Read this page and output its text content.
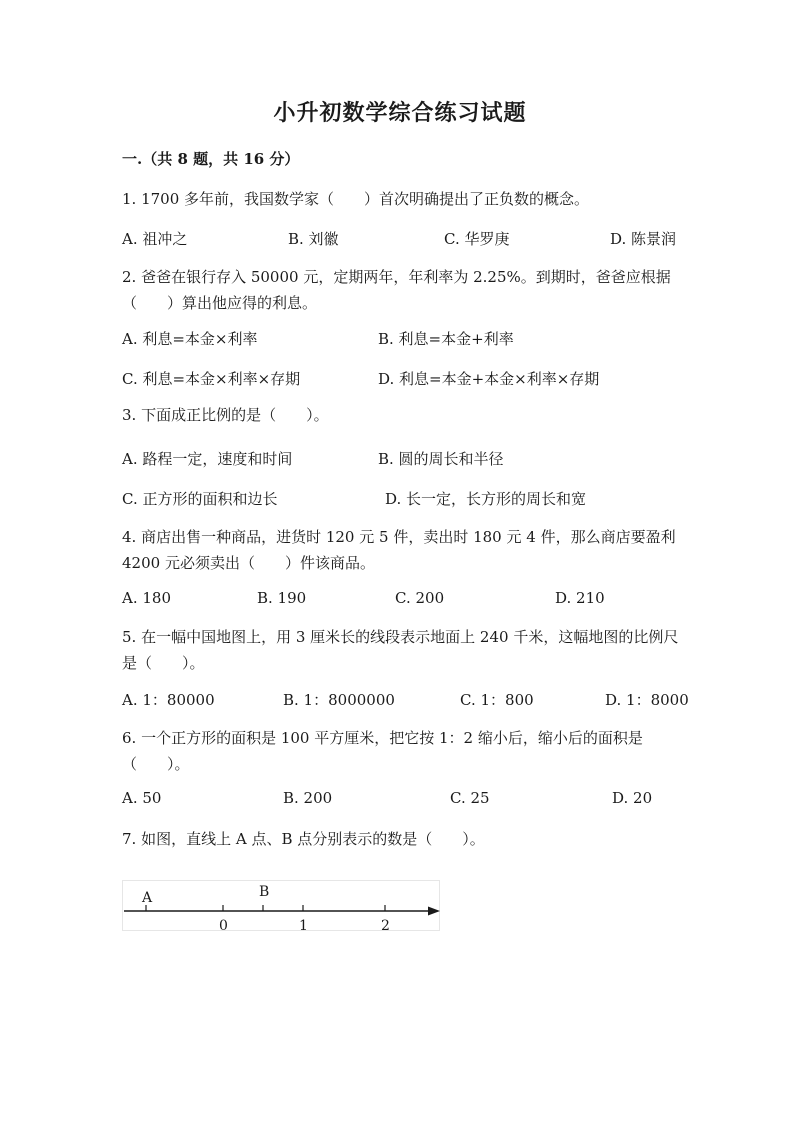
小升初数学综合练习试题
一.（共 8 题，共 16 分）
1. 1700 多年前，我国数学家（　　）首次明确提出了正负数的概念。
A. 祖冲之	B. 刘徽	C. 华罗庚	D. 陈景润
2. 爸爸在银行存入 50000 元，定期两年，年利率为 2.25%。到期时，爸爸应根据（　　）算出他应得的利息。
A. 利息=本金×利率	B. 利息=本金+利率
C. 利息=本金×利率×存期	D. 利息=本金+本金×利率×存期
3. 下面成正比例的是（　　）。
A. 路程一定，速度和时间	B. 圆的周长和半径
C. 正方形的面积和边长	D. 长一定，长方形的周长和宽
4. 商店出售一种商品，进货时 120 元 5 件，卖出时 180 元 4 件，那么商店要盈利 4200 元必须卖出（　　）件该商品。
A. 180	B. 190	C. 200	D. 210
5. 在一幅中国地图上，用 3 厘米长的线段表示地面上 240 千米，这幅地图的比例尺是（　　）。
A. 1：80000	B. 1：8000000	C. 1：800	D. 1：8000
6. 一个正方形的面积是 100 平方厘米，把它按 1：2 缩小后，缩小后的面积是（　　）。
A. 50	B. 200	C. 25	D. 20
7. 如图，直线上 A 点、B 点分别表示的数是（　　）。
A	B
0	1	2
